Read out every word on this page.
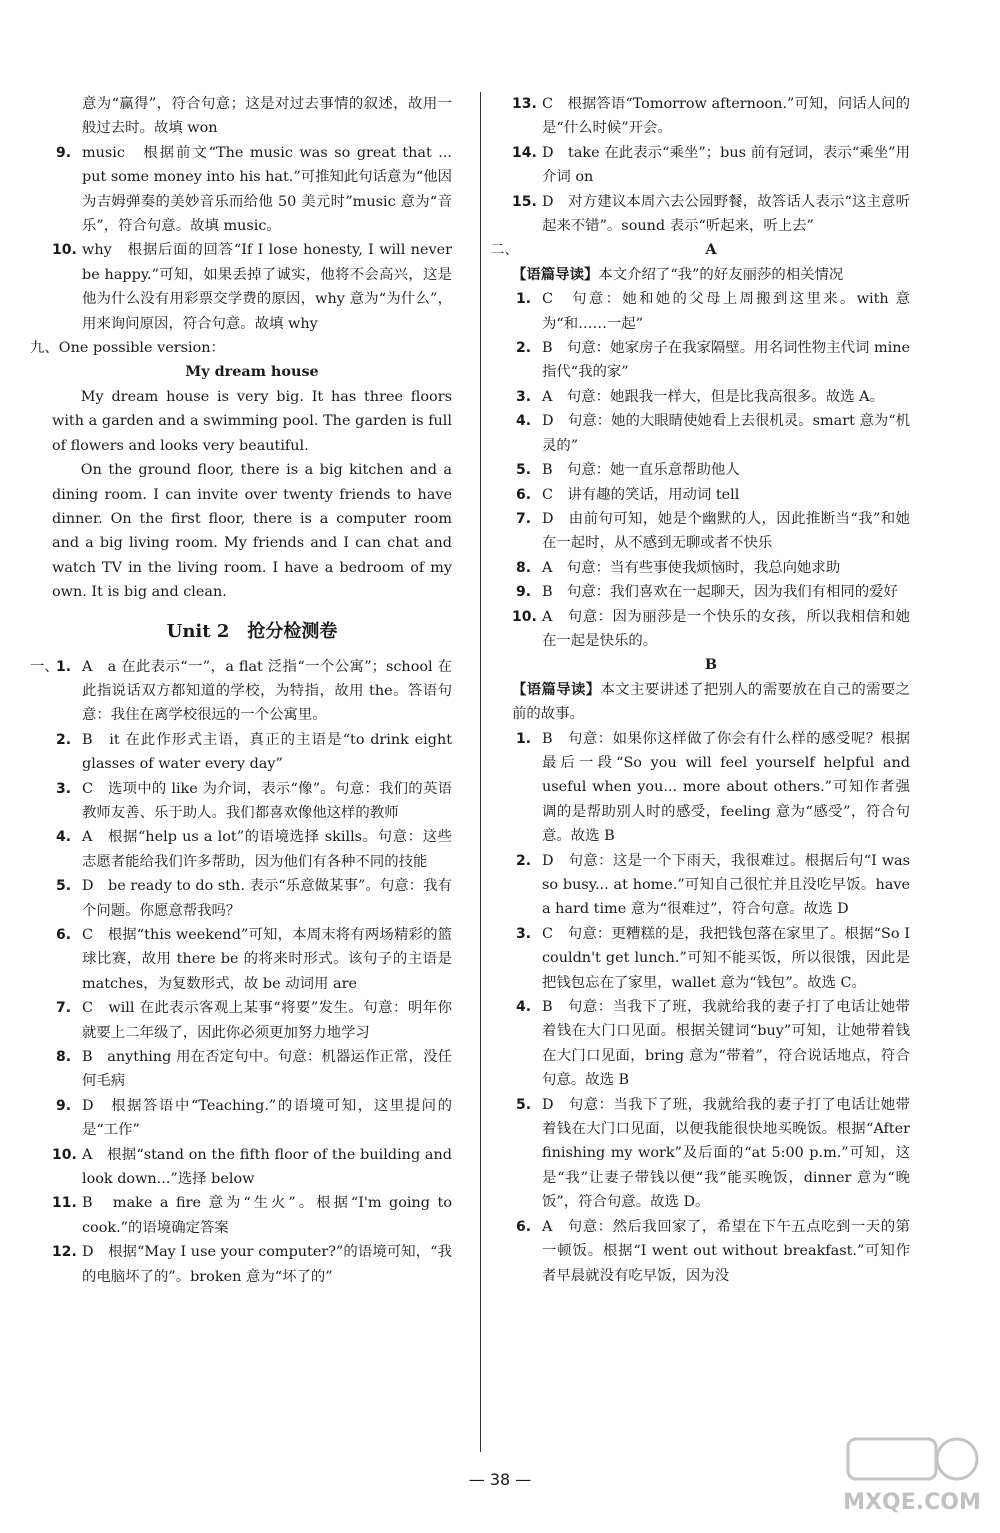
意为“赢得”，符合句意；这是对过去事情的叙述，故用一般过去时。故填 won

9. music　根据前文“The music was so great that ... put some money into his hat.”可推知此句话意为“他因为吉姆弹奏的美妙音乐而给他 50 美元时”music 意为“音乐”，符合句意。故填 music。

10. why　根据后面的回答“If I lose honesty, I will never be happy.”可知，如果丢掉了诚实，他将不会高兴，这是他为什么没有用彩票交学费的原因，why 意为“为什么”，用来询问原因，符合句意。故填 why

九、One possible version：

My dream house

My dream house is very big. It has three floors with a garden and a swimming pool. The garden is full of flowers and looks very beautiful.

On the ground floor, there is a big kitchen and a dining room. I can invite over twenty friends to have dinner. On the first floor, there is a computer room and a big living room. My friends and I can chat and watch TV in the living room. I have a bedroom of my own. It is big and clean.

Unit 2　抢分检测卷

一、

1. A　a 在此表示“一”，a flat 泛指“一个公寓”；school 在此指说话双方都知道的学校，为特指，故用 the。答语句意：我住在离学校很远的一个公寓里。

2. B　it 在此作形式主语，真正的主语是“to drink eight glasses of water every day”

3. C　选项中的 like 为介词，表示“像”。句意：我们的英语教师友善、乐于助人。我们都喜欢像他这样的教师

4. A　根据“help us a lot”的语境选择 skills。句意：这些志愿者能给我们许多帮助，因为他们有各种不同的技能

5. D　be ready to do sth. 表示“乐意做某事”。句意：我有个问题。你愿意帮我吗？

6. C　根据“this weekend”可知，本周末将有两场精彩的篮球比赛，故用 there be 的将来时形式。该句子的主语是 matches，为复数形式，故 be 动词用 are

7. C　will 在此表示客观上某事“将要”发生。句意：明年你就要上二年级了，因此你必须更加努力地学习

8. B　anything 用在否定句中。句意：机器运作正常，没任何毛病

9. D　根据答语中“Teaching.”的语境可知，这里提问的是“工作”

10. A　根据“stand on the fifth floor of the building and look down...”选择 below

11. B　make a fire 意为“生火”。根据“I'm going to cook.”的语境确定答案

12. D　根据“May I use your computer?”的语境可知，“我的电脑坏了的”。broken 意为“坏了的”

13. C　根据答语“Tomorrow afternoon.”可知，问话人问的是“什么时候”开会。

14. D　take 在此表示“乘坐”；bus 前有冠词，表示“乘坐”用介词 on

15. D　对方建议本周六去公园野餐，故答话人表示“这主意听起来不错”。sound 表示“听起来，听上去”

二、	A

【语篇导读】本文介绍了“我”的好友丽莎的相关情况

1. C　句意：她和她的父母上周搬到这里来。with 意为“和……一起”

2. B　句意：她家房子在我家隔壁。用名词性物主代词 mine 指代“我的家”

3. A　句意：她跟我一样大，但是比我高很多。故选 A。

4. D　句意：她的大眼睛使她看上去很机灵。smart 意为“机灵的”

5. B　句意：她一直乐意帮助他人

6. C　讲有趣的笑话，用动词 tell

7. D　由前句可知，她是个幽默的人，因此推断当“我”和她在一起时，从不感到无聊或者不快乐

8. A　句意：当有些事使我烦恼时，我总向她求助

9. B　句意：我们喜欢在一起聊天，因为我们有相同的爱好

10. A　句意：因为丽莎是一个快乐的女孩，所以我相信和她在一起是快乐的。

B

【语篇导读】本文主要讲述了把别人的需要放在自己的需要之前的故事。

1. B　句意：如果你这样做了你会有什么样的感受呢？根据最后一段“So you will feel yourself helpful and useful when you... more about others.”可知作者强调的是帮助别人时的感受，feeling 意为“感受”，符合句意。故选 B

2. D　句意：这是一个下雨天，我很难过。根据后句“I was so busy... at home.”可知自己很忙并且没吃早饭。have a hard time 意为“很难过”，符合句意。故选 D

3. C　句意：更糟糕的是，我把钱包落在家里了。根据“So I couldn't get lunch.”可知不能买饭，所以很饿，因此是把钱包忘在了家里，wallet 意为“钱包”。故选 C。

4. B　句意：当我下了班，我就给我的妻子打了电话让她带着钱在大门口见面。根据关键词“buy”可知，让她带着钱在大门口见面，bring 意为“带着”，符合说话地点，符合句意。故选 B

5. D　句意：当我下了班，我就给我的妻子打了电话让她带着钱在大门口见面，以便我能很快地买晚饭。根据“After finishing my work”及后面的“at 5:00 p.m.”可知，这是“我”让妻子带钱以便“我”能买晚饭，dinner 意为“晚饭”，符合句意。故选 D。

6. A　句意：然后我回家了，希望在下午五点吃到一天的第一顿饭。根据“I went out without breakfast.”可知作者早晨就没有吃早饭，因为没

— 38 —
MXQE.COM
